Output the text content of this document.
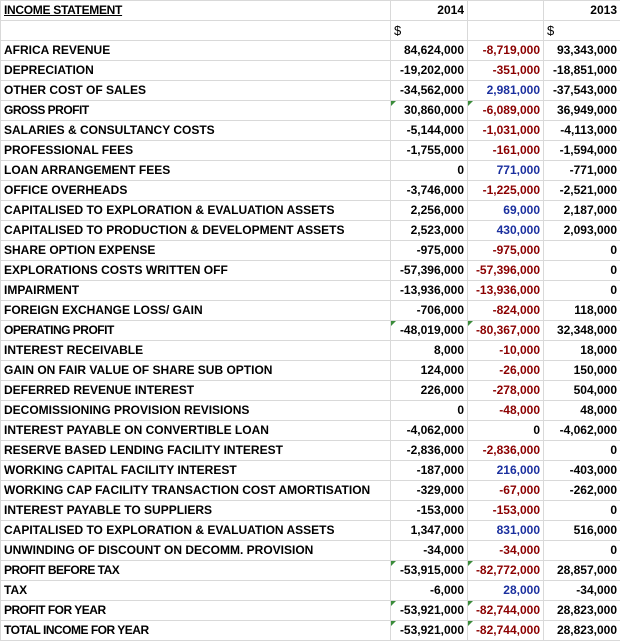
INCOME STATEMENT	2014		2013
	$		$
AFRICA REVENUE	84,624,000	-8,719,000	93,343,000
DEPRECIATION	-19,202,000	-351,000	-18,851,000
OTHER COST OF SALES	-34,562,000	2,981,000	-37,543,000
GROSS PROFIT	30,860,000	-6,089,000	36,949,000
SALARIES & CONSULTANCY COSTS	-5,144,000	-1,031,000	-4,113,000
PROFESSIONAL FEES	-1,755,000	-161,000	-1,594,000
LOAN ARRANGEMENT FEES	0	771,000	-771,000
OFFICE OVERHEADS	-3,746,000	-1,225,000	-2,521,000
CAPITALISED TO EXPLORATION & EVALUATION ASSETS	2,256,000	69,000	2,187,000
CAPITALISED TO PRODUCTION & DEVELOPMENT ASSETS	2,523,000	430,000	2,093,000
SHARE OPTION EXPENSE	-975,000	-975,000	0
EXPLORATIONS COSTS WRITTEN OFF	-57,396,000	-57,396,000	0
IMPAIRMENT	-13,936,000	-13,936,000	0
FOREIGN EXCHANGE LOSS/ GAIN	-706,000	-824,000	118,000
OPERATING PROFIT	-48,019,000	-80,367,000	32,348,000
INTEREST RECEIVABLE	8,000	-10,000	18,000
GAIN ON FAIR VALUE OF SHARE SUB OPTION	124,000	-26,000	150,000
DEFERRED REVENUE INTEREST	226,000	-278,000	504,000
DECOMISSIONING PROVISION REVISIONS	0	-48,000	48,000
INTEREST PAYABLE ON CONVERTIBLE LOAN	-4,062,000	0	-4,062,000
RESERVE BASED LENDING FACILITY INTEREST	-2,836,000	-2,836,000	0
WORKING CAPITAL FACILITY INTEREST	-187,000	216,000	-403,000
WORKING CAP FACILITY TRANSACTION COST AMORTISATION	-329,000	-67,000	-262,000
INTEREST PAYABLE TO SUPPLIERS	-153,000	-153,000	0
CAPITALISED TO EXPLORATION & EVALUATION ASSETS	1,347,000	831,000	516,000
UNWINDING OF DISCOUNT ON DECOMM. PROVISION	-34,000	-34,000	0
PROFIT BEFORE TAX	-53,915,000	-82,772,000	28,857,000
TAX	-6,000	28,000	-34,000
PROFIT FOR YEAR	-53,921,000	-82,744,000	28,823,000
TOTAL INCOME FOR YEAR	-53,921,000	-82,744,000	28,823,000
